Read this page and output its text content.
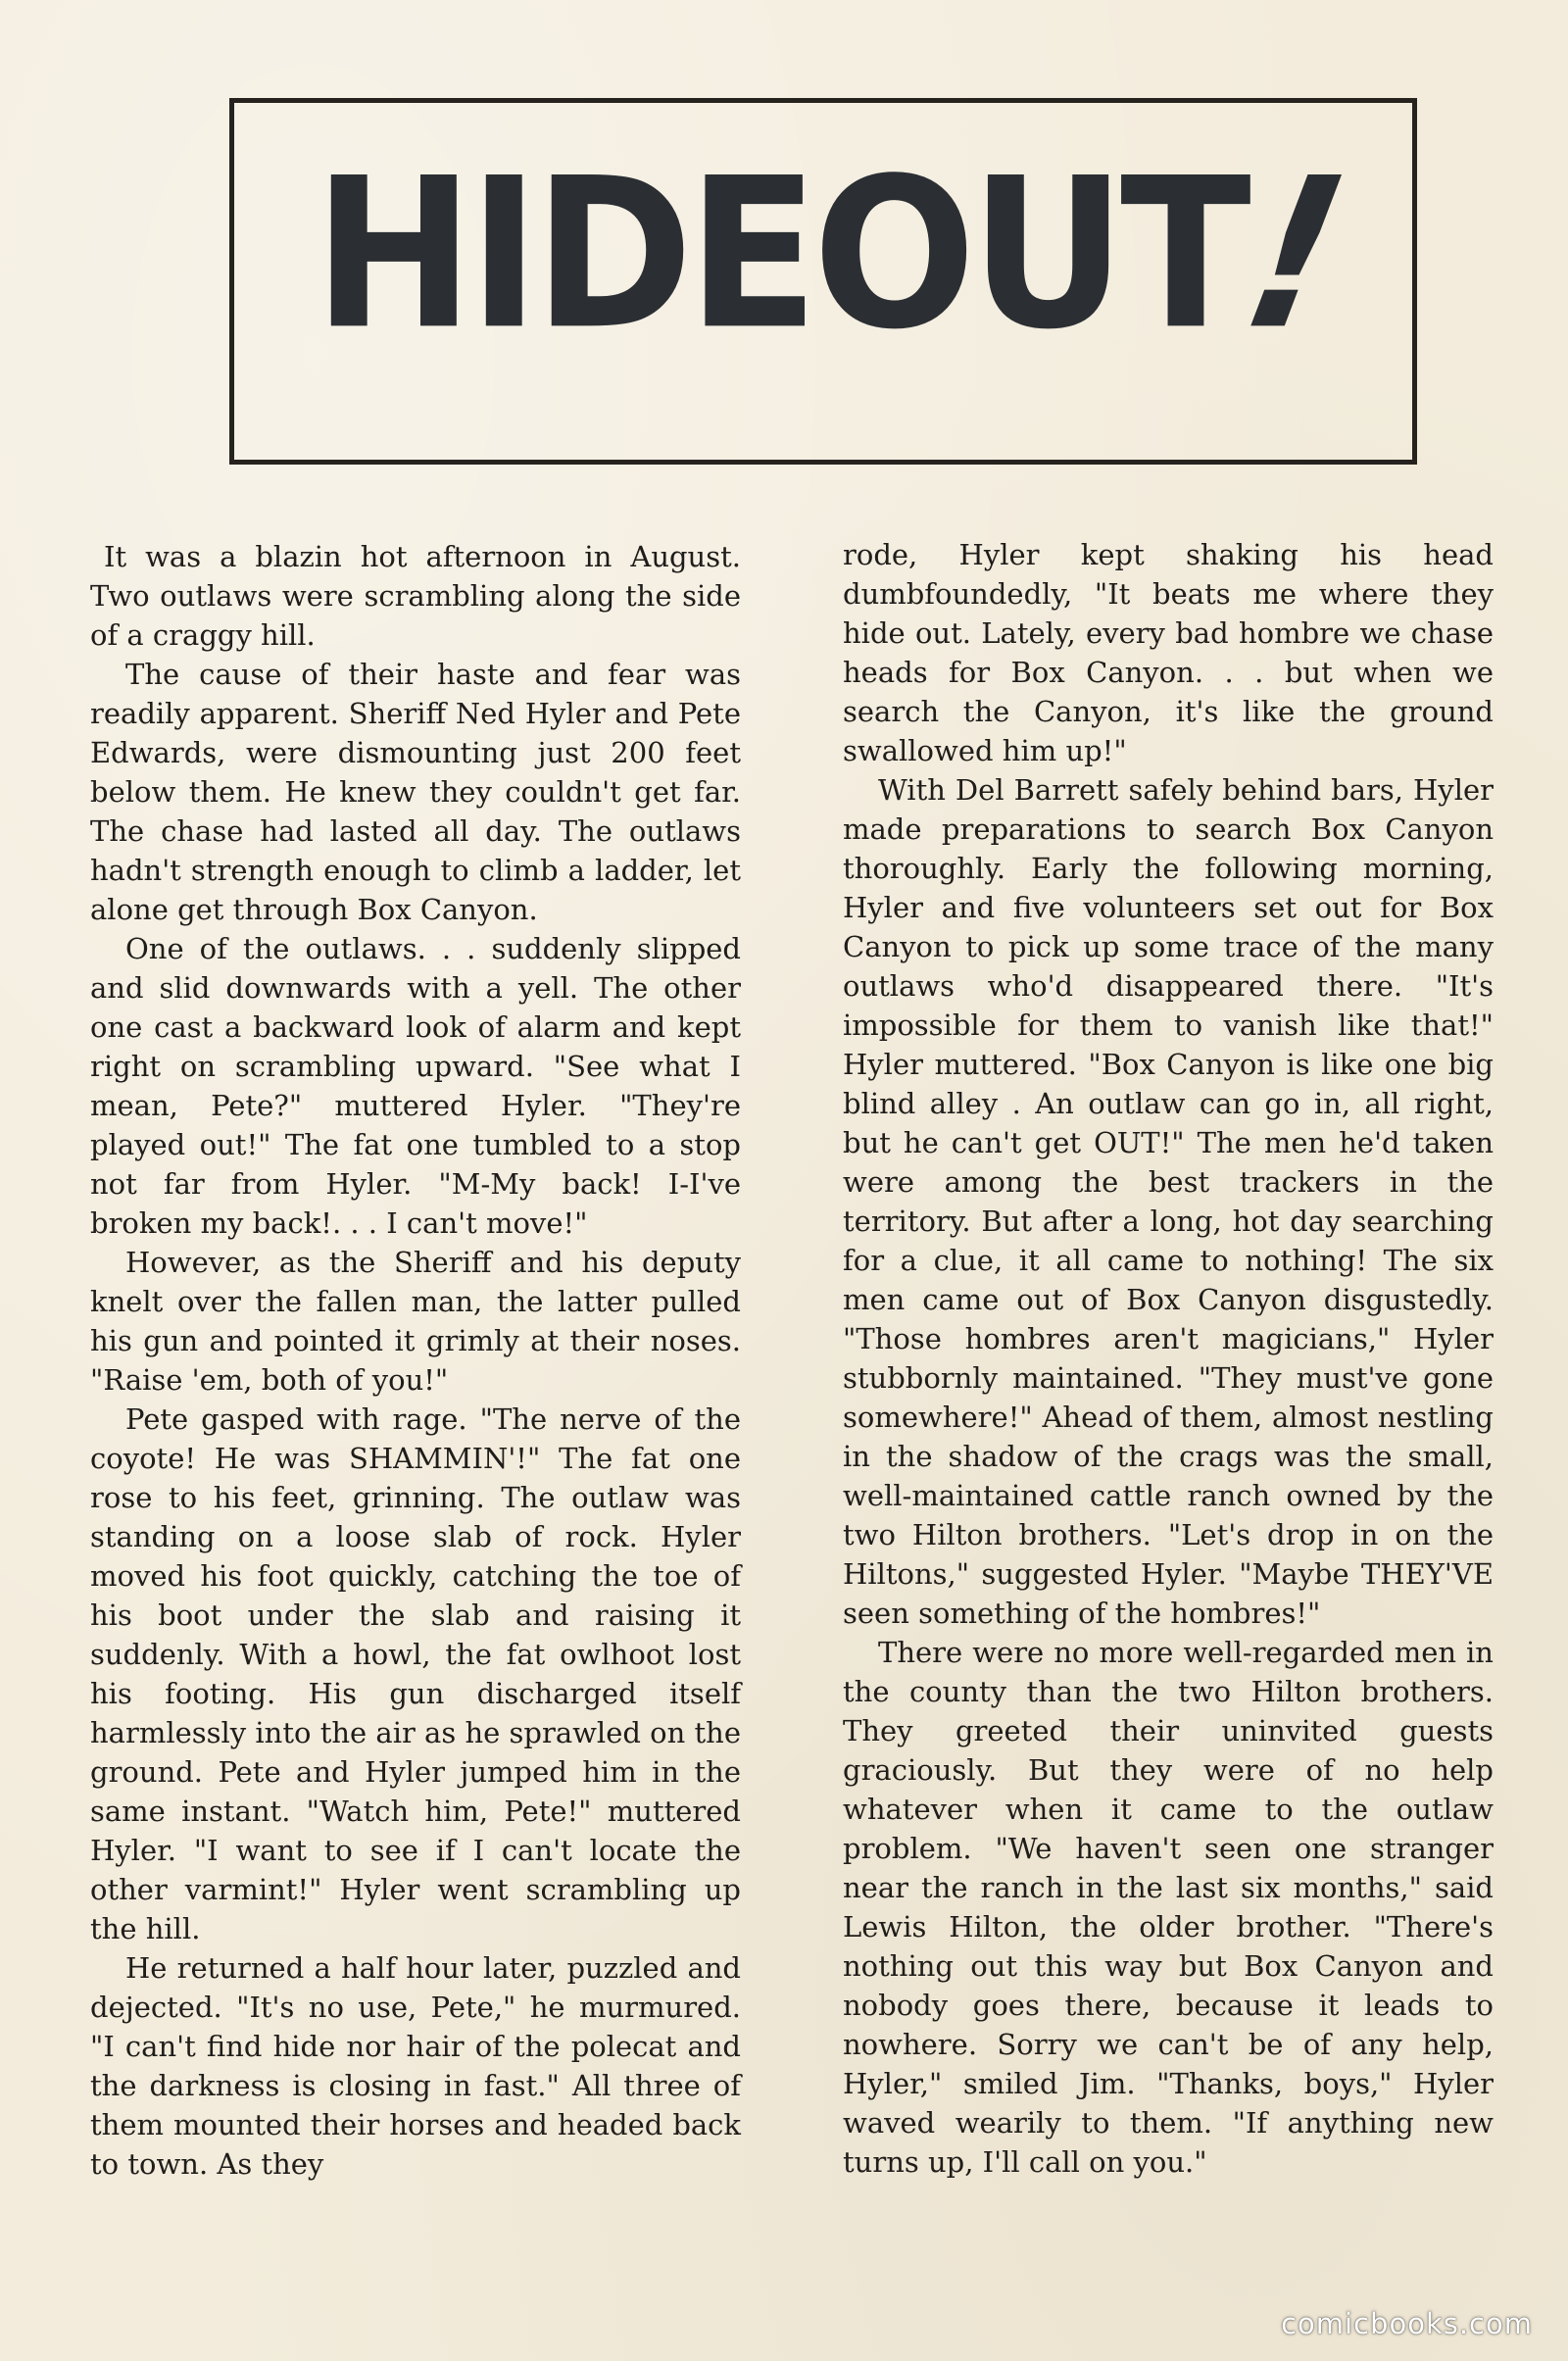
HIDEOUT!

It was a blazin hot afternoon in August. Two outlaws were scrambling along the side of a craggy hill.

The cause of their haste and fear was readily apparent. Sheriff Ned Hyler and Pete Edwards, were dismounting just 200 feet below them. He knew they couldn't get far. The chase had lasted all day. The outlaws hadn't strength enough to climb a ladder, let alone get through Box Canyon.

One of the outlaws. . . suddenly slipped and slid downwards with a yell. The other one cast a backward look of alarm and kept right on scrambling upward. "See what I mean, Pete?" muttered Hyler. "They're played out!" The fat one tumbled to a stop not far from Hyler. "M-My back! I-I've broken my back!. . . I can't move!"

However, as the Sheriff and his deputy knelt over the fallen man, the latter pulled his gun and pointed it grimly at their noses. "Raise 'em, both of you!"

Pete gasped with rage. "The nerve of the coyote! He was SHAMMIN'!" The fat one rose to his feet, grinning. The outlaw was standing on a loose slab of rock. Hyler moved his foot quickly, catching the toe of his boot under the slab and raising it suddenly. With a howl, the fat owlhoot lost his footing. His gun discharged itself harmlessly into the air as he sprawled on the ground. Pete and Hyler jumped him in the same instant. "Watch him, Pete!" muttered Hyler. "I want to see if I can't locate the other varmint!" Hyler went scrambling up the hill.

He returned a half hour later, puzzled and dejected. "It's no use, Pete," he murmured. "I can't find hide nor hair of the polecat and the darkness is closing in fast." All three of them mounted their horses and headed back to town. As they

rode, Hyler kept shaking his head dumbfoundedly, "It beats me where they hide out. Lately, every bad hombre we chase heads for Box Canyon. . . but when we search the Canyon, it's like the ground swallowed him up!"

With Del Barrett safely behind bars, Hyler made preparations to search Box Canyon thoroughly. Early the following morning, Hyler and five volunteers set out for Box Canyon to pick up some trace of the many outlaws who'd disappeared there. "It's impossible for them to vanish like that!" Hyler muttered. "Box Canyon is like one big blind alley . An outlaw can go in, all right, but he can't get OUT!" The men he'd taken were among the best trackers in the territory. But after a long, hot day searching for a clue, it all came to nothing! The six men came out of Box Canyon disgustedly. "Those hombres aren't magicians," Hyler stubbornly maintained. "They must've gone somewhere!" Ahead of them, almost nestling in the shadow of the crags was the small, well-maintained cattle ranch owned by the two Hilton brothers. "Let's drop in on the Hiltons," suggested Hyler. "Maybe THEY'VE seen something of the hombres!"

There were no more well-regarded men in the county than the two Hilton brothers. They greeted their uninvited guests graciously. But they were of no help whatever when it came to the outlaw problem. "We haven't seen one stranger near the ranch in the last six months," said Lewis Hilton, the older brother. "There's nothing out this way but Box Canyon and nobody goes there, because it leads to nowhere. Sorry we can't be of any help, Hyler," smiled Jim. "Thanks, boys," Hyler waved wearily to them. "If anything new turns up, I'll call on you."

comicbooks.com
